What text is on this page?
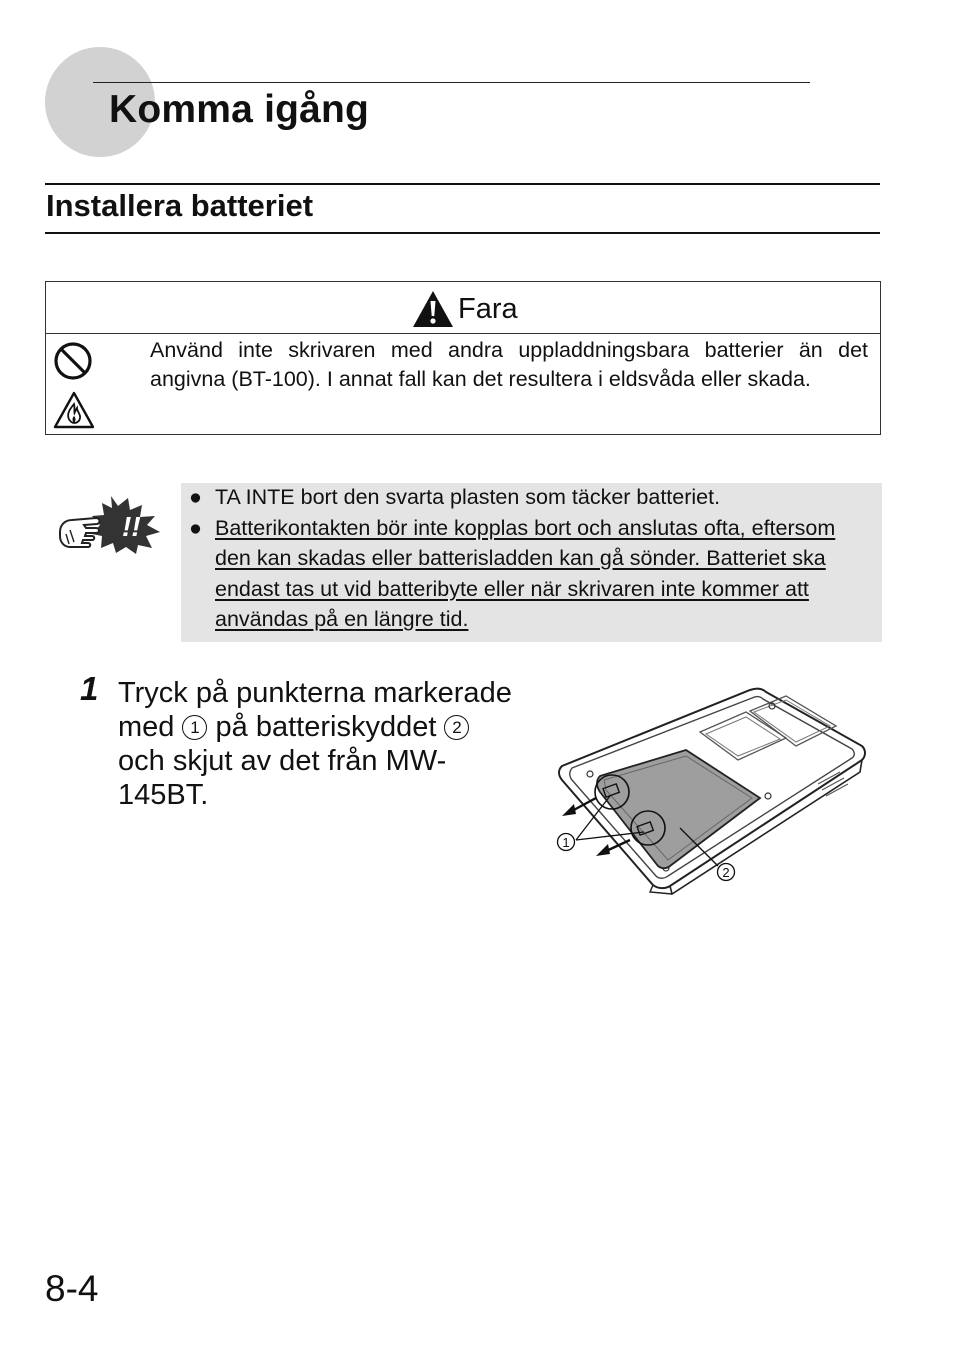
Komma igång
Installera batteriet
Fara
Använd inte skrivaren med andra uppladdningsbara batterier än det angivna (BT-100). I annat fall kan det resultera i eldsvåda eller skada.
!!
● TA INTE bort den svarta plasten som täcker batteriet.
● Batterikontakten bör inte kopplas bort och anslutas ofta, eftersom den kan skadas eller batterisladden kan gå sönder. Batteriet ska endast tas ut vid batteribyte eller när skrivaren inte kommer att användas på en längre tid.
1 Tryck på punkterna markerade med 1 på batteriskyddet 2 och skjut av det från MW-145BT.
1
2
8-4
